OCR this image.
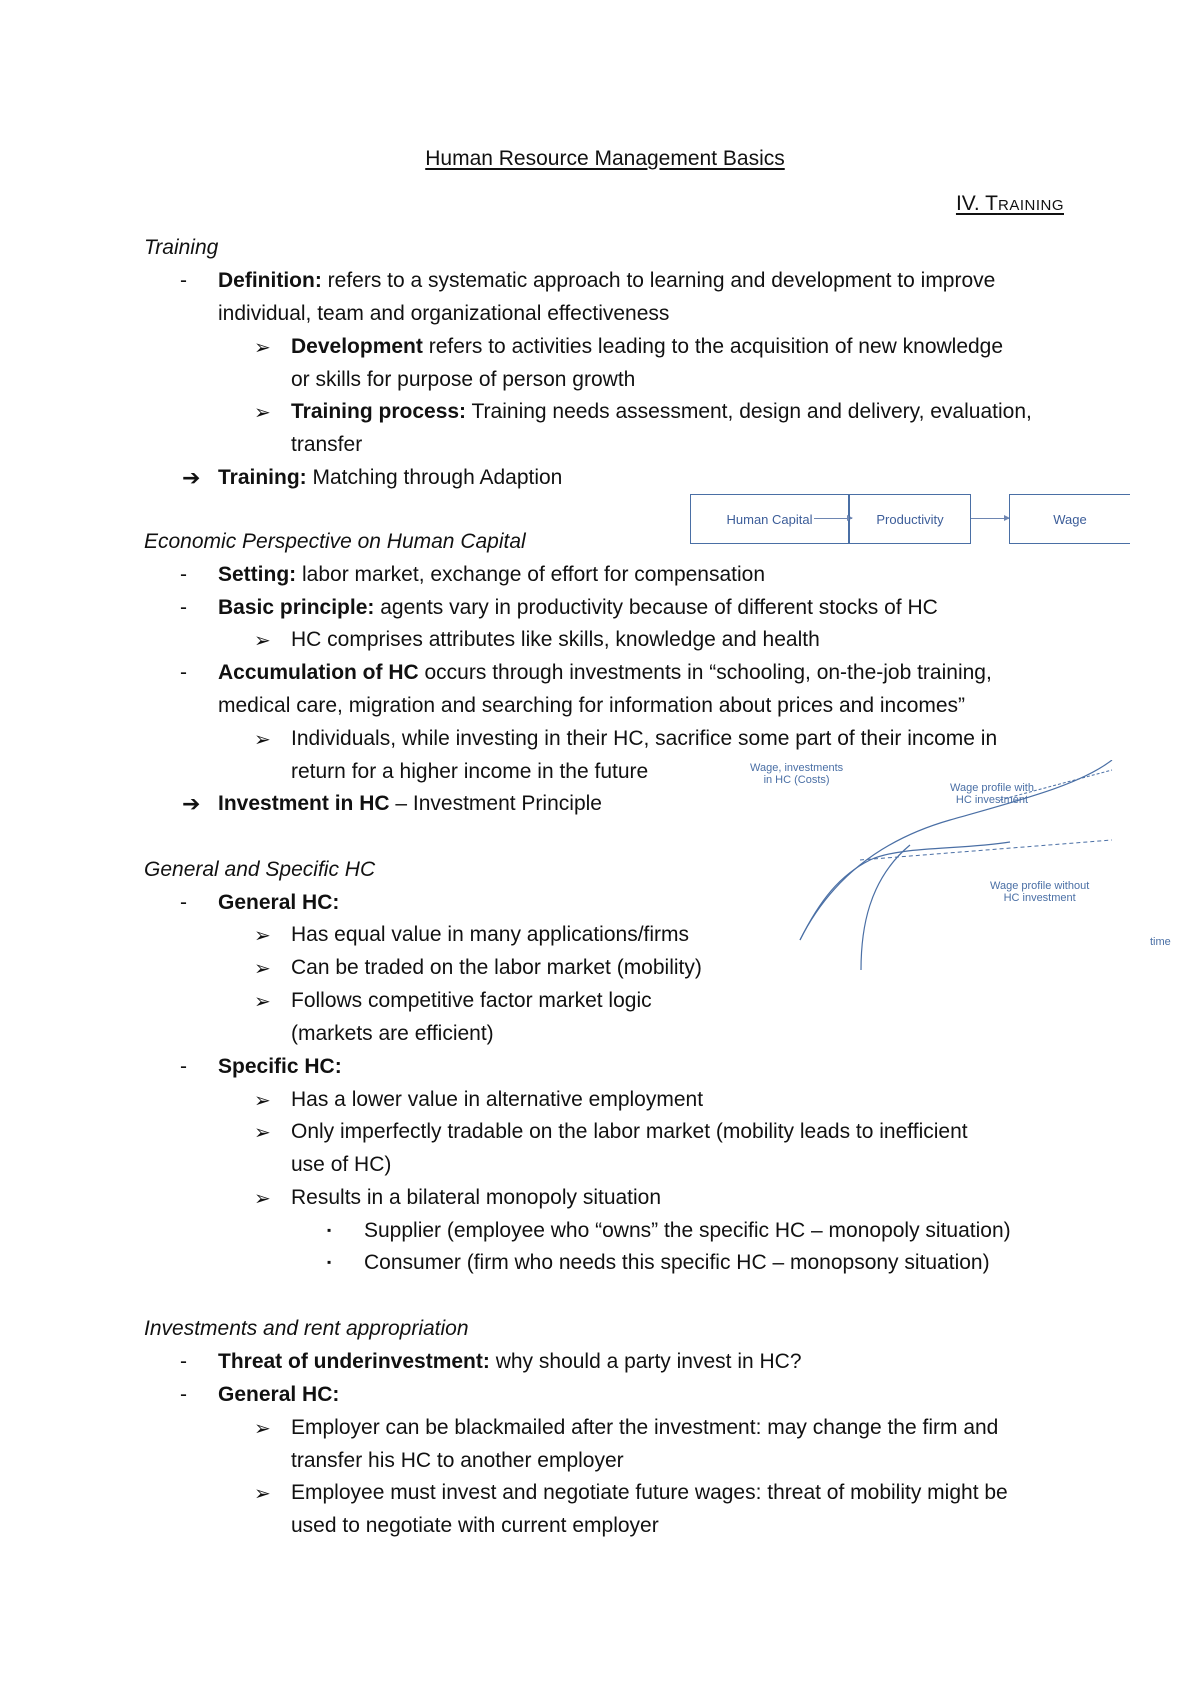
Human Resource Management Basics
IV. TRAINING
Training
- Definition: refers to a systematic approach to learning and development to improve
individual, team and organizational effectiveness
➢ Development refers to activities leading to the acquisition of new knowledge
or skills for purpose of person growth
➢ Training process: Training needs assessment, design and delivery, evaluation,
transfer
➔ Training: Matching through Adaption
Human Capital	Productivity	Wage
Economic Perspective on Human Capital
- Setting: labor market, exchange of effort for compensation
- Basic principle: agents vary in productivity because of different stocks of HC
➢ HC comprises attributes like skills, knowledge and health
- Accumulation of HC occurs through investments in “schooling, on-the-job training,
medical care, migration and searching for information about prices and incomes”
➢ Individuals, while investing in their HC, sacrifice some part of their income in
return for a higher income in the future
➔ Investment in HC – Investment Principle
Wage, investments
in HC (Costs)
Wage profile with
HC investment
Wage profile without
HC investment
time
General and Specific HC
- General HC:
➢ Has equal value in many applications/firms
➢ Can be traded on the labor market (mobility)
➢ Follows competitive factor market logic
(markets are efficient)
- Specific HC:
➢ Has a lower value in alternative employment
➢ Only imperfectly tradable on the labor market (mobility leads to inefficient
use of HC)
➢ Results in a bilateral monopoly situation
▪ Supplier (employee who “owns” the specific HC – monopoly situation)
▪ Consumer (firm who needs this specific HC – monopsony situation)
Investments and rent appropriation
- Threat of underinvestment: why should a party invest in HC?
- General HC:
➢ Employer can be blackmailed after the investment: may change the firm and
transfer his HC to another employer
➢ Employee must invest and negotiate future wages: threat of mobility might be
used to negotiate with current employer
